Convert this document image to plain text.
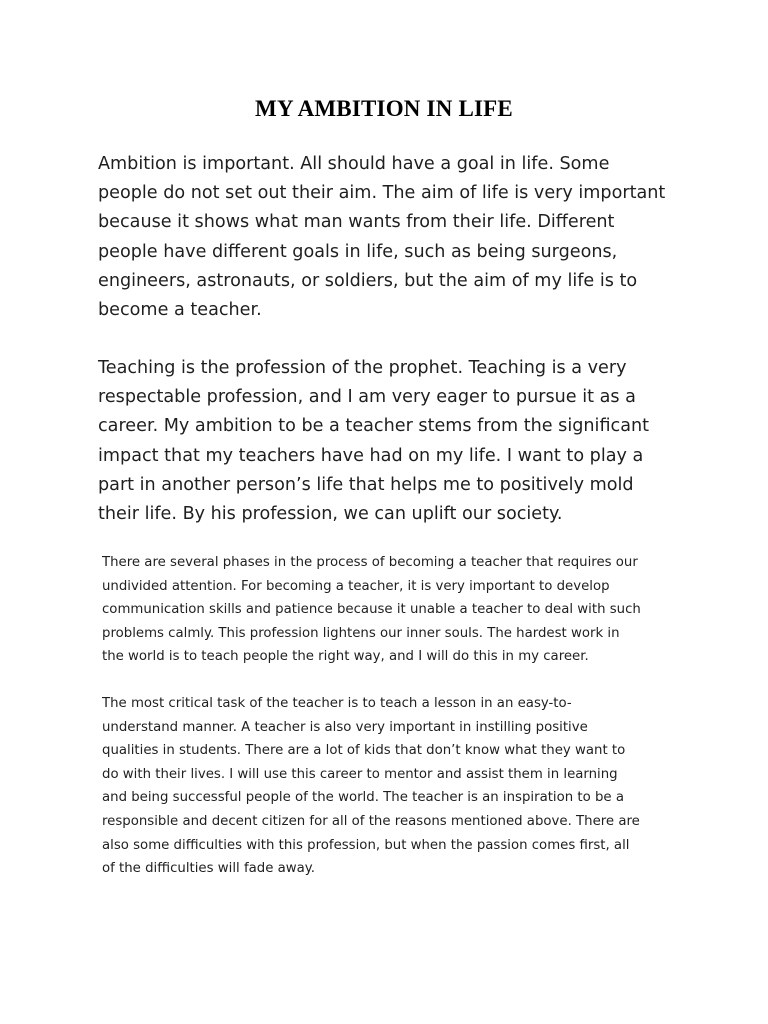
MY AMBITION IN LIFE

Ambition is important. All should have a goal in life. Some
people do not set out their aim. The aim of life is very important
because it shows what man wants from their life. Different
people have different goals in life, such as being surgeons,
engineers, astronauts, or soldiers, but the aim of my life is to
become a teacher.

Teaching is the profession of the prophet. Teaching is a very
respectable profession, and I am very eager to pursue it as a
career. My ambition to be a teacher stems from the significant
impact that my teachers have had on my life. I want to play a
part in another person’s life that helps me to positively mold
their life. By his profession, we can uplift our society.

There are several phases in the process of becoming a teacher that requires our
undivided attention. For becoming a teacher, it is very important to develop
communication skills and patience because it unable a teacher to deal with such
problems calmly. This profession lightens our inner souls. The hardest work in
the world is to teach people the right way, and I will do this in my career.

The most critical task of the teacher is to teach a lesson in an easy-to-
understand manner. A teacher is also very important in instilling positive
qualities in students. There are a lot of kids that don’t know what they want to
do with their lives. I will use this career to mentor and assist them in learning
and being successful people of the world. The teacher is an inspiration to be a
responsible and decent citizen for all of the reasons mentioned above. There are
also some difficulties with this profession, but when the passion comes first, all
of the difficulties will fade away.
